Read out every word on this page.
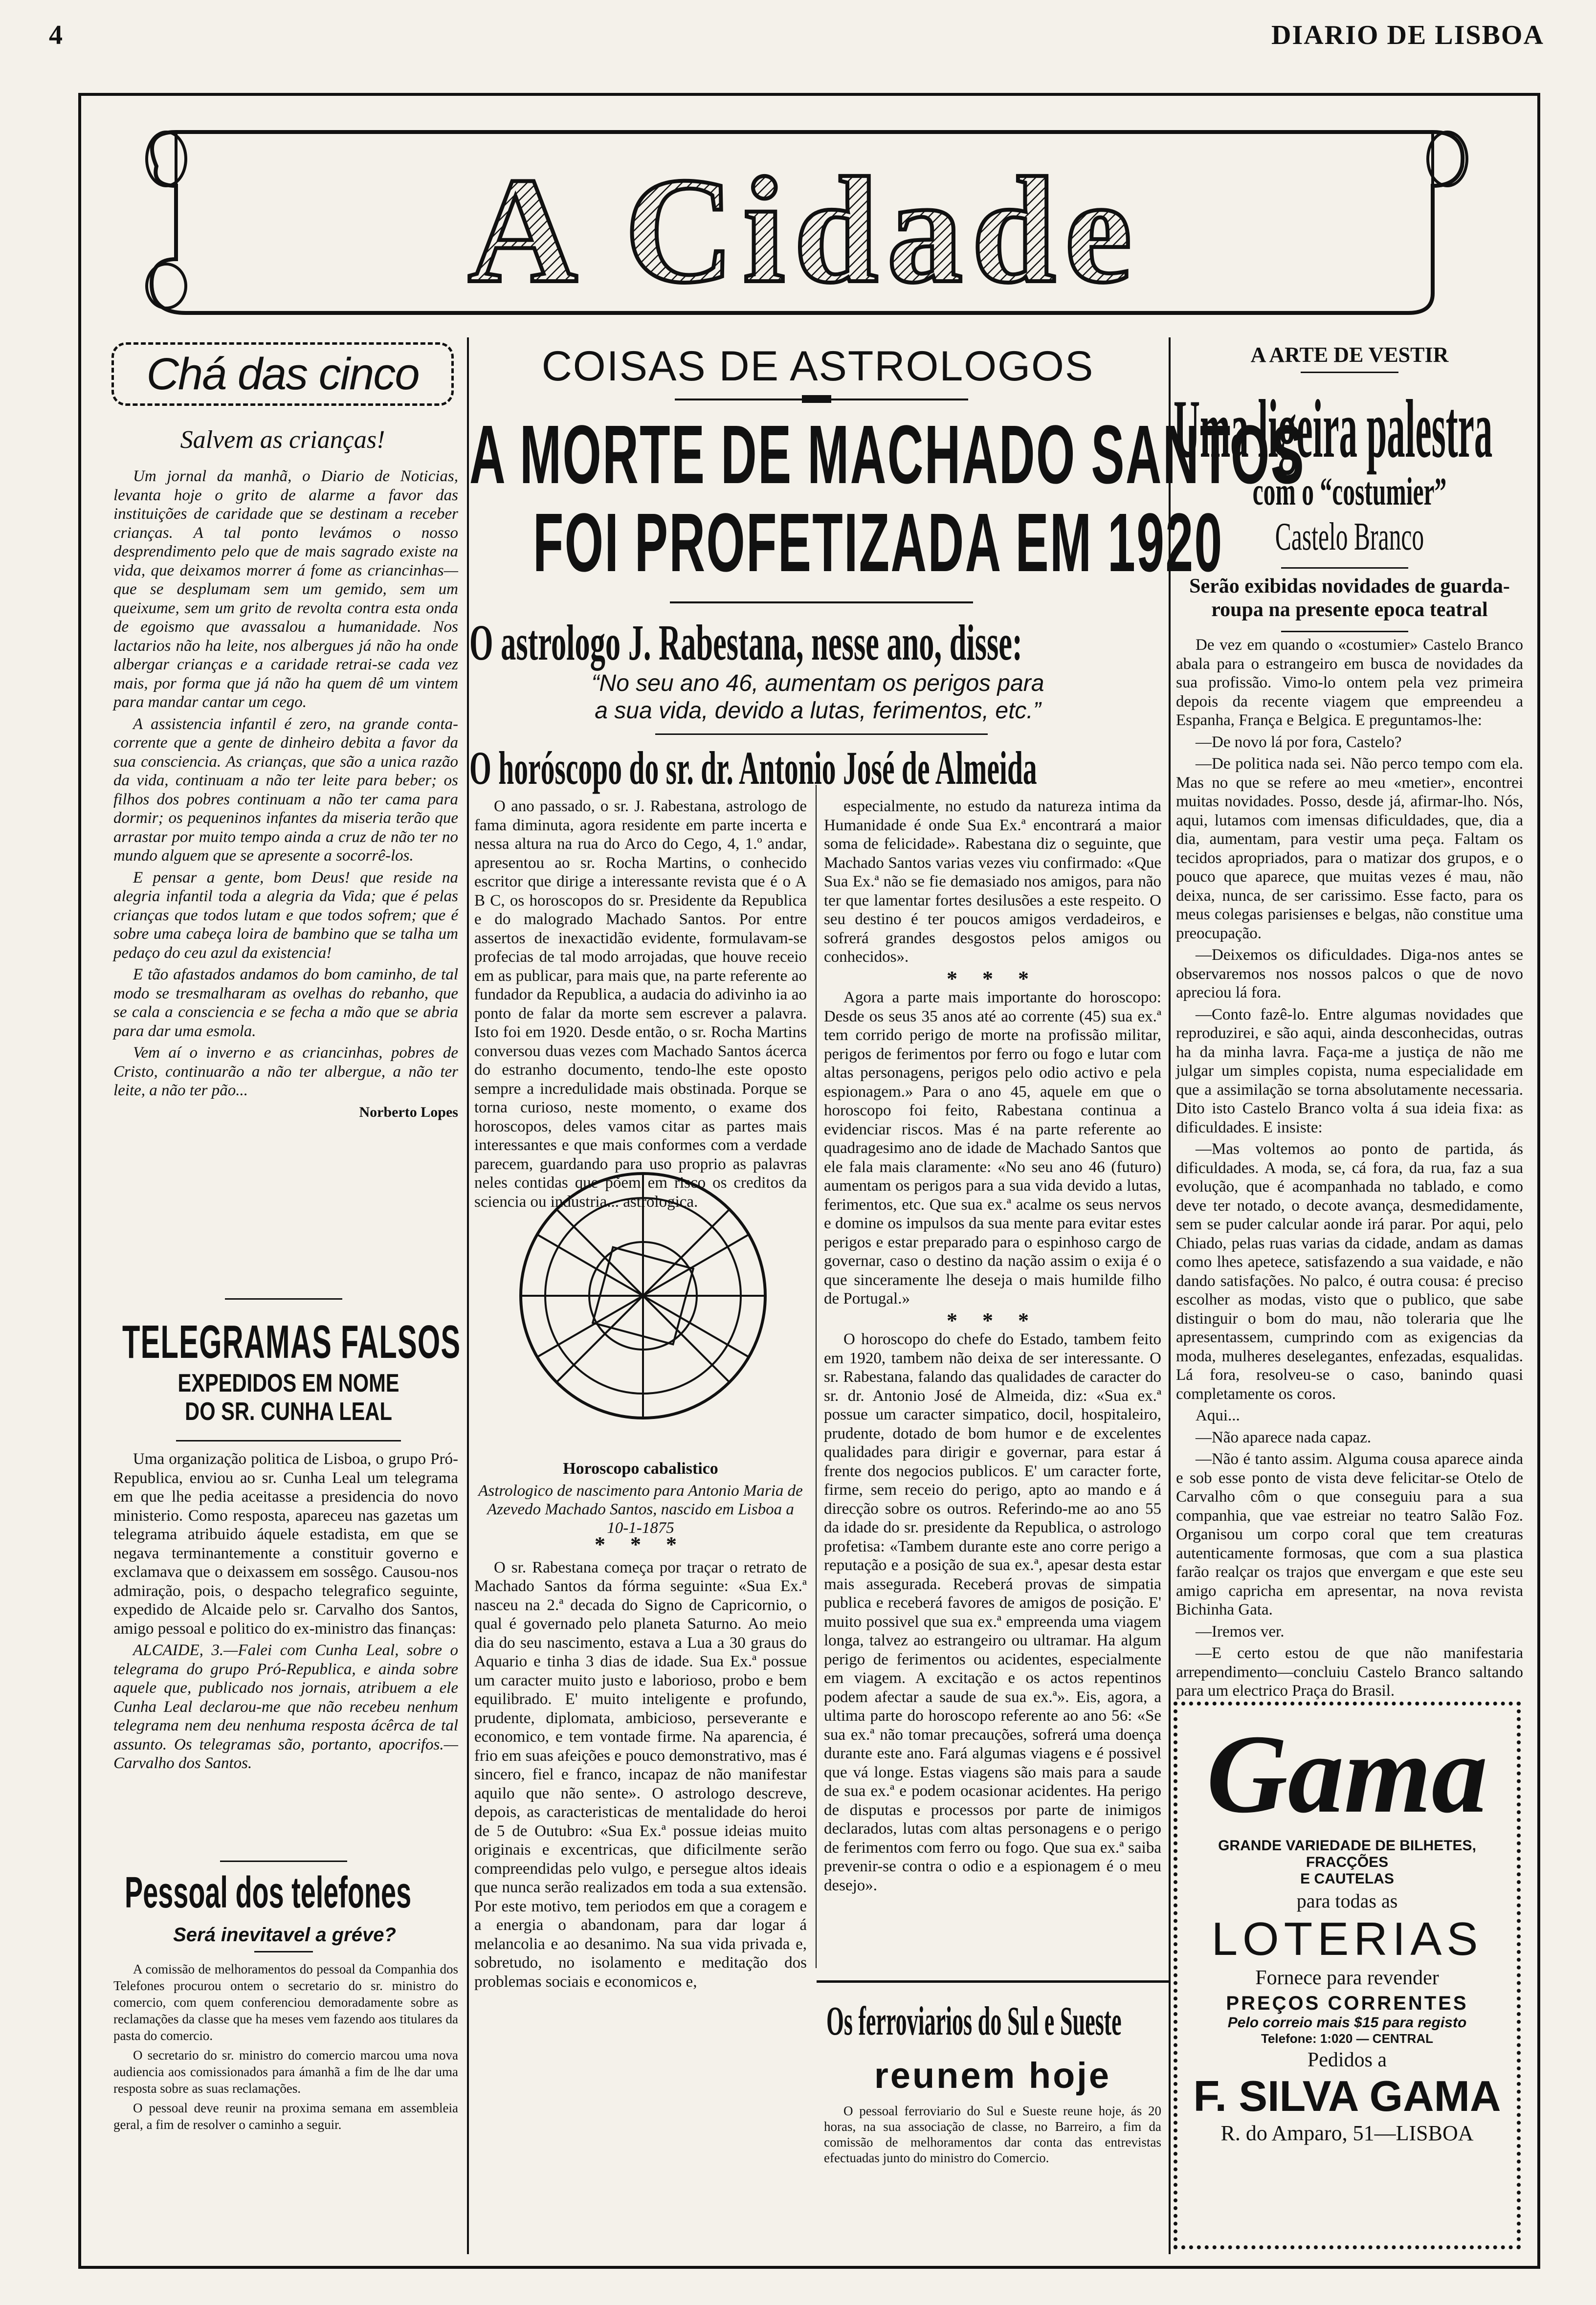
4	DIARIO DE LISBOA
A Cidade
Chá das cinco
Salvem as crianças!

Um jornal da manhã, o Diario de Noticias, levanta hoje o grito de alarme a favor das instituições de caridade que se destinam a receber crianças. A tal ponto levámos o nosso desprendimento pelo que de mais sagrado existe na vida, que deixamos morrer á fome as criancinhas—que se desplumam sem um gemido, sem um queixume, sem um grito de revolta contra esta onda de egoismo que avassalou a humanidade. Nos lactarios não ha leite, nos albergues já não ha onde albergar crianças e a caridade retrai-se cada vez mais, por forma que já não ha quem dê um vintem para mandar cantar um cego.

A assistencia infantil é zero, na grande conta-corrente que a gente de dinheiro debita a favor da sua consciencia. As crianças, que são a unica razão da vida, continuam a não ter leite para beber; os filhos dos pobres continuam a não ter cama para dormir; os pequeninos infantes da miseria terão que arrastar por muito tempo ainda a cruz de não ter no mundo alguem que se apresente a socorrê-los.

E pensar a gente, bom Deus! que reside na alegria infantil toda a alegria da Vida; que é pelas crianças que todos lutam e que todos sofrem; que é sobre uma cabeça loira de bambino que se talha um pedaço do ceu azul da existencia!

E tão afastados andamos do bom caminho, de tal modo se tresmalharam as ovelhas do rebanho, que se cala a consciencia e se fecha a mão que se abria para dar uma esmola.

Vem aí o inverno e as criancinhas, pobres de Cristo, continuarão a não ter albergue, a não ter leite, a não ter pão...

Norberto Lopes
TELEGRAMAS FALSOS
EXPEDIDOS EM NOME
DO SR. CUNHA LEAL

Uma organização politica de Lisboa, o grupo Pró-Republica, enviou ao sr. Cunha Leal um telegrama em que lhe pedia aceitasse a presidencia do novo ministerio. Como resposta, apareceu nas gazetas um telegrama atribuido áquele estadista, em que se negava terminantemente a constituir governo e exclamava que o deixassem em sossêgo. Causou-nos admiração, pois, o despacho telegrafico seguinte, expedido de Alcaide pelo sr. Carvalho dos Santos, amigo pessoal e politico do ex-ministro das finanças:

ALCAIDE, 3.—Falei com Cunha Leal, sobre o telegrama do grupo Pró-Republica, e ainda sobre aquele que, publicado nos jornais, atribuem a ele Cunha Leal declarou-me que não recebeu nenhum telegrama nem deu nenhuma resposta ácêrca de tal assunto. Os telegramas são, portanto, apocrifos.—Carvalho dos Santos.

Pessoal dos telefones
Será inevitavel a gréve?

A comissão de melhoramentos do pessoal da Companhia dos Telefones procurou ontem o secretario do sr. ministro do comercio, com quem conferenciou demoradamente sobre as reclamações da classe que ha meses vem fazendo aos titulares da pasta do comercio.

O secretario do sr. ministro do comercio marcou uma nova audiencia aos comissionados para ámanhã a fim de lhe dar uma resposta sobre as suas reclamações.

O pessoal deve reunir na proxima semana em assembleia geral, a fim de resolver o caminho a seguir.

COISAS DE ASTROLOGOS
A MORTE DE MACHADO SANTOS
FOI PROFETIZADA EM 1920
O astrologo J. Rabestana, nesse ano, disse:
“No seu ano 46, aumentam os perigos para
a sua vida, devido a lutas, ferimentos, etc.”
O horóscopo do sr. dr. Antonio José de Almeida

O ano passado, o sr. J. Rabestana, astrologo de fama diminuta, agora residente em parte incerta e nessa altura na rua do Arco do Cego, 4, 1.º andar, apresentou ao sr. Rocha Martins, o conhecido escritor que dirige a interessante revista que é o A B C, os horoscopos do sr. Presidente da Republica e do malogrado Machado Santos. Por entre assertos de inexactidão evidente, formulavam-se profecias de tal modo arrojadas, que houve receio em as publicar, para mais que, na parte referente ao fundador da Republica, a audacia do adivinho ia ao ponto de falar da morte sem escrever a palavra. Isto foi em 1920. Desde então, o sr. Rocha Martins conversou duas vezes com Machado Santos ácerca do estranho documento, tendo-lhe este oposto sempre a incredulidade mais obstinada. Porque se torna curioso, neste momento, o exame dos horoscopos, deles vamos citar as partes mais interessantes e que mais conformes com a verdade parecem, guardando para uso proprio as palavras neles contidas que põem em risco os creditos da sciencia ou industria... astrologica.

Horoscopo cabalistico
Astrologico de nascimento para Antonio Maria de Azevedo Machado Santos, nascido em Lisboa a 10-1-1875
* * *

O sr. Rabestana começa por traçar o retrato de Machado Santos da fórma seguinte: «Sua Ex.ª nasceu na 2.ª decada do Signo de Capricornio, o qual é governado pelo planeta Saturno. Ao meio dia do seu nascimento, estava a Lua a 30 graus do Aquario e tinha 3 dias de idade. Sua Ex.ª possue um caracter muito justo e laborioso, probo e bem equilibrado. E' muito inteligente e profundo, prudente, diplomata, ambicioso, perseverante e economico, e tem vontade firme. Na aparencia, é frio em suas afeições e pouco demonstrativo, mas é sincero, fiel e franco, incapaz de não manifestar aquilo que não sente». O astrologo descreve, depois, as caracteristicas de mentalidade do heroi de 5 de Outubro: «Sua Ex.ª possue ideias muito originais e excentricas, que dificilmente serão compreendidas pelo vulgo, e persegue altos ideais que nunca serão realizados em toda a sua extensão. Por este motivo, tem periodos em que a coragem e a energia o abandonam, para dar logar á melancolia e ao desanimo. Na sua vida privada e, sobretudo, no isolamento e meditação dos problemas sociais e economicos e,

especialmente, no estudo da natureza intima da Humanidade é onde Sua Ex.ª encontrará a maior soma de felicidade». Rabestana diz o seguinte, que Machado Santos varias vezes viu confirmado: «Que Sua Ex.ª não se fie demasiado nos amigos, para não ter que lamentar fortes desilusões a este respeito. O seu destino é ter poucos amigos verdadeiros, e sofrerá grandes desgostos pelos amigos ou conhecidos».

* * *

Agora a parte mais importante do horoscopo: Desde os seus 35 anos até ao corrente (45) sua ex.ª tem corrido perigo de morte na profissão militar, perigos de ferimentos por ferro ou fogo e lutar com altas personagens, perigos pelo odio activo e pela espionagem.» Para o ano 45, aquele em que o horoscopo foi feito, Rabestana continua a evidenciar riscos. Mas é na parte referente ao quadragesimo ano de idade de Machado Santos que ele fala mais claramente: «No seu ano 46 (futuro) aumentam os perigos para a sua vida devido a lutas, ferimentos, etc. Que sua ex.ª acalme os seus nervos e domine os impulsos da sua mente para evitar estes perigos e estar preparado para o espinhoso cargo de governar, caso o destino da nação assim o exija é o que sinceramente lhe deseja o mais humilde filho de Portugal.»

* * *

O horoscopo do chefe do Estado, tambem feito em 1920, tambem não deixa de ser interessante. O sr. Rabestana, falando das qualidades de caracter do sr. dr. Antonio José de Almeida, diz: «Sua ex.ª possue um caracter simpatico, docil, hospitaleiro, prudente, dotado de bom humor e de excelentes qualidades para dirigir e governar, para estar á frente dos negocios publicos. E' um caracter forte, firme, sem receio do perigo, apto ao mando e á direcção sobre os outros. Referindo-me ao ano 55 da idade do sr. presidente da Republica, o astrologo profetisa: «Tambem durante este ano corre perigo a reputação e a posição de sua ex.ª, apesar desta estar mais assegurada. Receberá provas de simpatia publica e receberá favores de amigos de posição. E' muito possivel que sua ex.ª empreenda uma viagem longa, talvez ao estrangeiro ou ultramar. Ha algum perigo de ferimentos ou acidentes, especialmente em viagem. A excitação e os actos repentinos podem afectar a saude de sua ex.ª». Eis, agora, a ultima parte do horoscopo referente ao ano 56: «Se sua ex.ª não tomar precauções, sofrerá uma doença durante este ano. Fará algumas viagens e é possivel que vá longe. Estas viagens são mais para a saude de sua ex.ª e podem ocasionar acidentes. Ha perigo de disputas e processos por parte de inimigos declarados, lutas com altas personagens e o perigo de ferimentos com ferro ou fogo. Que sua ex.ª saiba prevenir-se contra o odio e a espionagem é o meu desejo».

Os ferroviarios do Sul e Sueste
reunem hoje

O pessoal ferroviario do Sul e Sueste reune hoje, ás 20 horas, na sua associação de classe, no Barreiro, a fim da comissão de melhoramentos dar conta das entrevistas efectuadas junto do ministro do Comercio.

A ARTE DE VESTIR
Uma ligeira palestra
com o “costumier”
Castelo Branco
Serão exibidas novidades de guarda-roupa na presente epoca teatral

De vez em quando o «costumier» Castelo Branco abala para o estrangeiro em busca de novidades da sua profissão. Vimo-lo ontem pela vez primeira depois da recente viagem que empreendeu a Espanha, França e Belgica. E preguntamos-lhe:

—De novo lá por fora, Castelo?

—De politica nada sei. Não perco tempo com ela. Mas no que se refere ao meu «metier», encontrei muitas novidades. Posso, desde já, afirmar-lho. Nós, aqui, lutamos com imensas dificuldades, que, dia a dia, aumentam, para vestir uma peça. Faltam os tecidos apropriados, para o matizar dos grupos, e o pouco que aparece, que muitas vezes é mau, não deixa, nunca, de ser carissimo. Esse facto, para os meus colegas parisienses e belgas, não constitue uma preocupação.

—Deixemos os dificuldades. Diga-nos antes se observaremos nos nossos palcos o que de novo apreciou lá fora.

—Conto fazê-lo. Entre algumas novidades que reproduzirei, e são aqui, ainda desconhecidas, outras ha da minha lavra. Faça-me a justiça de não me julgar um simples copista, numa especialidade em que a assimilação se torna absolutamente necessaria. Dito isto Castelo Branco volta á sua ideia fixa: as dificuldades. E insiste:

—Mas voltemos ao ponto de partida, ás dificuldades. A moda, se, cá fora, da rua, faz a sua evolução, que é acompanhada no tablado, e como deve ter notado, o decote avança, desmedidamente, sem se puder calcular aonde irá parar. Por aqui, pelo Chiado, pelas ruas varias da cidade, andam as damas como lhes apetece, satisfazendo a sua vaidade, e não dando satisfações. No palco, é outra cousa: é preciso escolher as modas, visto que o publico, que sabe distinguir o bom do mau, não toleraria que lhe apresentassem, cumprindo com as exigencias da moda, mulheres deselegantes, enfezadas, esqualidas. Lá fora, resolveu-se o caso, banindo quasi completamente os coros.

Aqui...

—Não aparece nada capaz.

—Não é tanto assim. Alguma cousa aparece ainda e sob esse ponto de vista deve felicitar-se Otelo de Carvalho côm o que conseguiu para a sua companhia, que vae estreiar no teatro Salão Foz. Organisou um corpo coral que tem creaturas autenticamente formosas, que com a sua plastica farão realçar os trajos que envergam e que este seu amigo capricha em apresentar, na nova revista Bichinha Gata.

—Iremos ver.

—E certo estou de que não manifestaria arrependimento—concluiu Castelo Branco saltando para um electrico Praça do Brasil.

Gama
GRANDE VARIEDADE DE BILHETES, FRACÇÕES
E CAUTELAS
para todas as
LOTERIAS
Fornece para revender
PREÇOS CORRENTES
Pelo correio mais $15 para registo
Telefone: 1:020 — CENTRAL
Pedidos a
F. SILVA GAMA
R. do Amparo, 51—LISBOA
